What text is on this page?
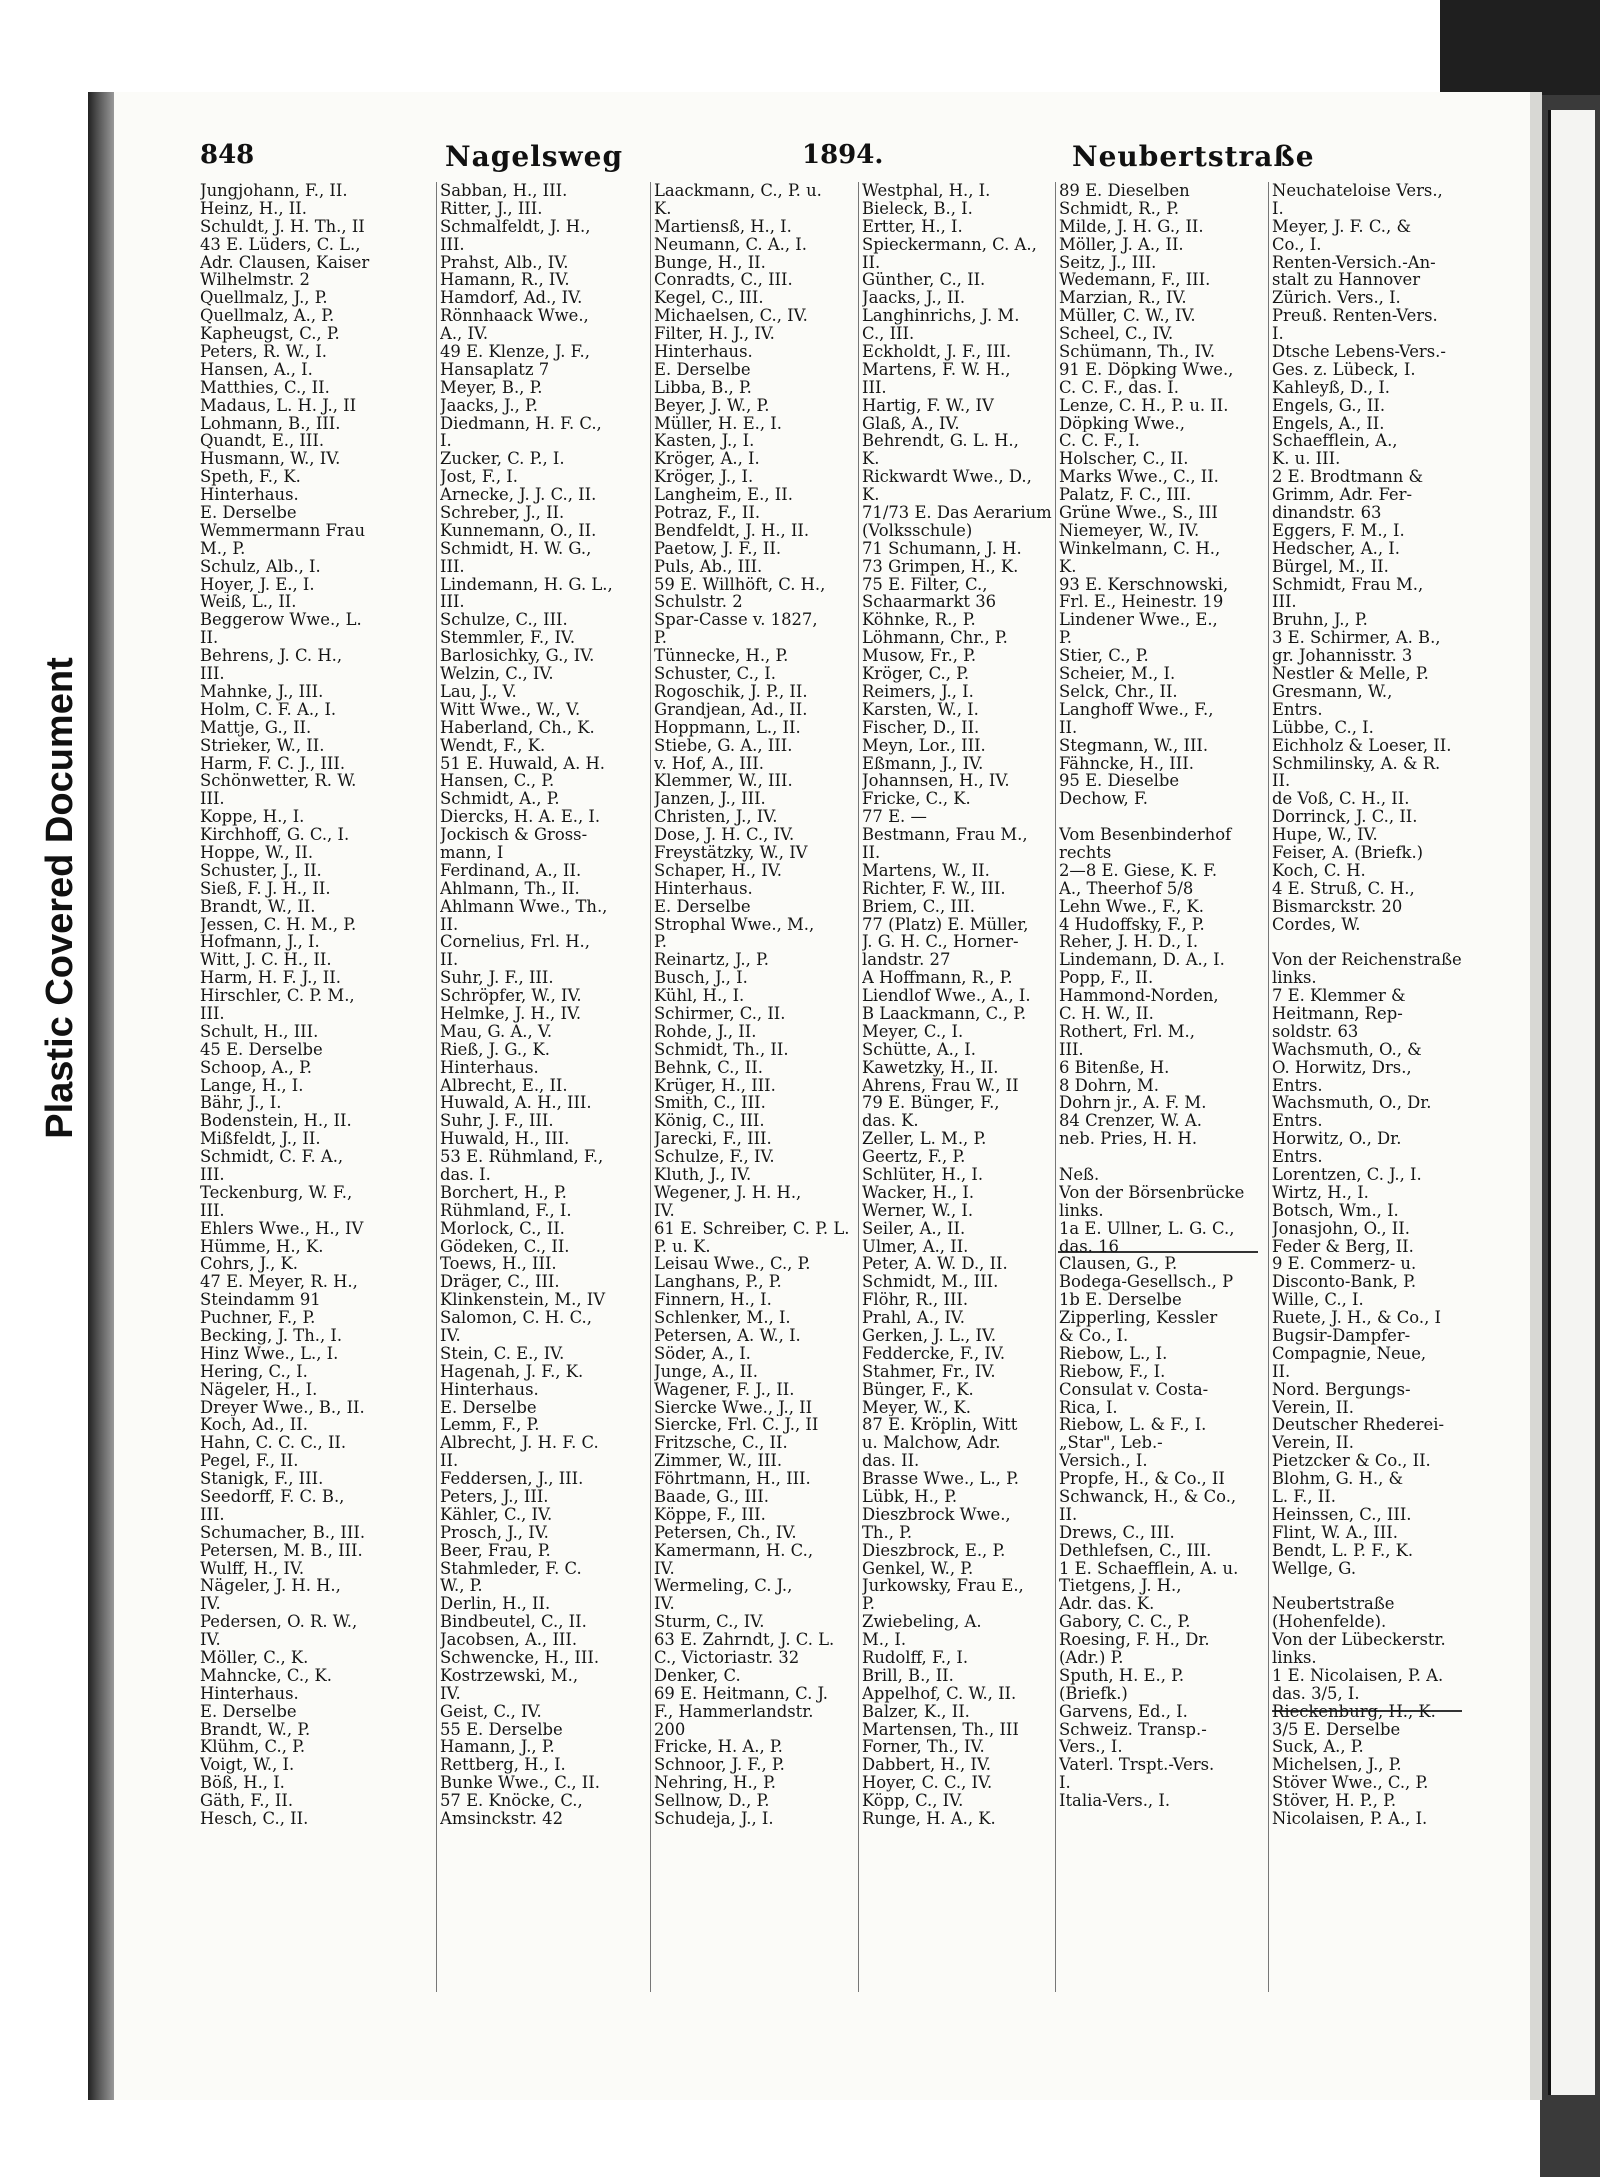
Plastic Covered Document
848	Nagelsweg	1894.	Neubertstraße
Jungjohann, F., II.
Heinz, H., II.
Schuldt, J. H. Th., II
43 E. Lüders, C. L.,
Adr. Clausen, Kaiser
Wilhelmstr. 2
Quellmalz, J., P.
Quellmalz, A., P.
Kapheugst, C., P.
Peters, R. W., I.
Hansen, A., I.
Matthies, C., II.
Madaus, L. H. J., II
Lohmann, B., III.
Quandt, E., III.
Husmann, W., IV.
Speth, F., K.
Hinterhaus.
E. Derselbe
Wemmermann Frau
M., P.
Schulz, Alb., I.
Hoyer, J. E., I.
Weiß, L., II.
Beggerow Wwe., L.
II.
Behrens, J. C. H.,
III.
Mahnke, J., III.
Holm, C. F. A., I.
Mattje, G., II.
Strieker, W., II.
Harm, F. C. J., III.
Schönwetter, R. W.
III.
Koppe, H., I.
Kirchhoff, G. C., I.
Hoppe, W., II.
Schuster, J., II.
Sieß, F. J. H., II.
Brandt, W., II.
Jessen, C. H. M., P.
Hofmann, J., I.
Witt, J. C. H., II.
Harm, H. F. J., II.
Hirschler, C. P. M.,
III.
Schult, H., III.
45 E. Derselbe
Schoop, A., P.
Lange, H., I.
Bähr, J., I.
Bodenstein, H., II.
Mißfeldt, J., II.
Schmidt, C. F. A.,
III.
Teckenburg, W. F.,
III.
Ehlers Wwe., H., IV
Hümme, H., K.
Cohrs, J., K.
47 E. Meyer, R. H.,
Steindamm 91
Puchner, F., P.
Becking, J. Th., I.
Hinz Wwe., L., I.
Hering, C., I.
Nägeler, H., I.
Dreyer Wwe., B., II.
Koch, Ad., II.
Hahn, C. C. C., II.
Pegel, F., II.
Stanigk, F., III.
Seedorff, F. C. B.,
III.
Schumacher, B., III.
Petersen, M. B., III.
Wulff, H., IV.
Nägeler, J. H. H.,
IV.
Pedersen, O. R. W.,
IV.
Möller, C., K.
Mahncke, C., K.
Hinterhaus.
E. Derselbe
Brandt, W., P.
Klühm, C., P.
Voigt, W., I.
Böß, H., I.
Gäth, F., II.
Hesch, C., II.
Sabban, H., III.
Ritter, J., III.
Schmalfeldt, J. H.,
III.
Prahst, Alb., IV.
Hamann, R., IV.
Hamdorf, Ad., IV.
Rönnhaack Wwe.,
A., IV.
49 E. Klenze, J. F.,
Hansaplatz 7
Meyer, B., P.
Jaacks, J., P.
Diedmann, H. F. C.,
I.
Zucker, C. P., I.
Jost, F., I.
Arnecke, J. J. C., II.
Schreber, J., II.
Kunnemann, O., II.
Schmidt, H. W. G.,
III.
Lindemann, H. G. L.,
III.
Schulze, C., III.
Stemmler, F., IV.
Barlosichky, G., IV.
Welzin, C., IV.
Lau, J., V.
Witt Wwe., W., V.
Haberland, Ch., K.
Wendt, F., K.
51 E. Huwald, A. H.
Hansen, C., P.
Schmidt, A., P.
Diercks, H. A. E., I.
Jockisch & Gross-
mann, I
Ferdinand, A., II.
Ahlmann, Th., II.
Ahlmann Wwe., Th.,
II.
Cornelius, Frl. H.,
II.
Suhr, J. F., III.
Schröpfer, W., IV.
Helmke, J. H., IV.
Mau, G. A., V.
Rieß, J. G., K.
Hinterhaus.
Albrecht, E., II.
Huwald, A. H., III.
Suhr, J. F., III.
Huwald, H., III.
53 E. Rühmland, F.,
das. I.
Borchert, H., P.
Rühmland, F., I.
Morlock, C., II.
Gödeken, C., II.
Toews, H., III.
Dräger, C., III.
Klinkenstein, M., IV
Salomon, C. H. C.,
IV.
Stein, C. E., IV.
Hagenah, J. F., K.
Hinterhaus.
E. Derselbe
Lemm, F., P.
Albrecht, J. H. F. C.
II.
Feddersen, J., III.
Peters, J., III.
Kähler, C., IV.
Prosch, J., IV.
Beer, Frau, P.
Stahmleder, F. C.
W., P.
Derlin, H., II.
Bindbeutel, C., II.
Jacobsen, A., III.
Schwencke, H., III.
Kostrzewski, M.,
IV.
Geist, C., IV.
55 E. Derselbe
Hamann, J., P.
Rettberg, H., I.
Bunke Wwe., C., II.
57 E. Knöcke, C.,
Amsinckstr. 42
Laackmann, C., P. u.
K.
Martiensß, H., I.
Neumann, C. A., I.
Bunge, H., II.
Conradts, C., III.
Kegel, C., III.
Michaelsen, C., IV.
Filter, H. J., IV.
Hinterhaus.
E. Derselbe
Libba, B., P.
Beyer, J. W., P.
Müller, H. E., I.
Kasten, J., I.
Kröger, A., I.
Kröger, J., I.
Langheim, E., II.
Potraz, F., II.
Bendfeldt, J. H., II.
Paetow, J. F., II.
Puls, Ab., III.
59 E. Willhöft, C. H.,
Schulstr. 2
Spar-Casse v. 1827,
P.
Tünnecke, H., P.
Schuster, C., I.
Rogoschik, J. P., II.
Grandjean, Ad., II.
Hoppmann, L., II.
Stiebe, G. A., III.
v. Hof, A., III.
Klemmer, W., III.
Janzen, J., III.
Christen, J., IV.
Dose, J. H. C., IV.
Freystätzky, W., IV
Schaper, H., IV.
Hinterhaus.
E. Derselbe
Strophal Wwe., M.,
P.
Reinartz, J., P.
Busch, J., I.
Kühl, H., I.
Schirmer, C., II.
Rohde, J., II.
Schmidt, Th., II.
Behnk, C., II.
Krüger, H., III.
Smith, C., III.
König, C., III.
Jarecki, F., III.
Schulze, F., IV.
Kluth, J., IV.
Wegener, J. H. H.,
IV.
61 E. Schreiber, C. P. L.
P. u. K.
Leisau Wwe., C., P.
Langhans, P., P.
Finnern, H., I.
Schlenker, M., I.
Petersen, A. W., I.
Söder, A., I.
Junge, A., II.
Wagener, F. J., II.
Siercke Wwe., J., II
Siercke, Frl. C. J., II
Fritzsche, C., II.
Zimmer, W., III.
Föhrtmann, H., III.
Baade, G., III.
Köppe, F., III.
Petersen, Ch., IV.
Kamermann, H. C.,
IV.
Wermeling, C. J.,
IV.
Sturm, C., IV.
63 E. Zahrndt, J. C. L.
C., Victoriastr. 32
Denker, C.
69 E. Heitmann, C. J.
F., Hammerlandstr.
200
Fricke, H. A., P.
Schnoor, J. F., P.
Nehring, H., P.
Sellnow, D., P.
Schudeja, J., I.
Westphal, H., I.
Bieleck, B., I.
Ertter, H., I.
Spieckermann, C. A.,
II.
Günther, C., II.
Jaacks, J., II.
Langhinrichs, J. M.
C., III.
Eckholdt, J. F., III.
Martens, F. W. H.,
III.
Hartig, F. W., IV
Glaß, A., IV.
Behrendt, G. L. H.,
K.
Rickwardt Wwe., D.,
K.
71/73 E. Das Aerarium
(Volksschule)
71 Schumann, J. H.
73 Grimpen, H., K.
75 E. Filter, C.,
Schaarmarkt 36
Köhnke, R., P.
Löhmann, Chr., P.
Musow, Fr., P.
Kröger, C., P.
Reimers, J., I.
Karsten, W., I.
Fischer, D., II.
Meyn, Lor., III.
Eßmann, J., IV.
Johannsen, H., IV.
Fricke, C., K.
77 E. —
Bestmann, Frau M.,
II.
Martens, W., II.
Richter, F. W., III.
Briem, C., III.
77 (Platz) E. Müller,
J. G. H. C., Horner-
landstr. 27
A Hoffmann, R., P.
Liendlof Wwe., A., I.
B Laackmann, C., P.
Meyer, C., I.
Schütte, A., I.
Kawetzky, H., II.
Ahrens, Frau W., II
79 E. Bünger, F.,
das. K.
Zeller, L. M., P.
Geertz, F., P.
Schlüter, H., I.
Wacker, H., I.
Werner, W., I.
Seiler, A., II.
Ulmer, A., II.
Peter, A. W. D., II.
Schmidt, M., III.
Flöhr, R., III.
Prahl, A., IV.
Gerken, J. L., IV.
Feddercke, F., IV.
Stahmer, Fr., IV.
Bünger, F., K.
Meyer, W., K.
87 E. Kröplin, Witt
u. Malchow, Adr.
das. II.
Brasse Wwe., L., P.
Lübk, H., P.
Dieszbrock Wwe.,
Th., P.
Dieszbrock, E., P.
Genkel, W., P.
Jurkowsky, Frau E.,
P.
Zwiebeling, A.
M., I.
Rudolff, F., I.
Brill, B., II.
Appelhof, C. W., II.
Balzer, K., II.
Martensen, Th., III
Forner, Th., IV.
Dabbert, H., IV.
Hoyer, C. C., IV.
Köpp, C., IV.
Runge, H. A., K.
89 E. Dieselben
Schmidt, R., P.
Milde, J. H. G., II.
Möller, J. A., II.
Seitz, J., III.
Wedemann, F., III.
Marzian, R., IV.
Müller, C. W., IV.
Scheel, C., IV.
Schümann, Th., IV.
91 E. Döpking Wwe.,
C. C. F., das. I.
Lenze, C. H., P. u. II.
Döpking Wwe.,
C. C. F., I.
Holscher, C., II.
Marks Wwe., C., II.
Palatz, F. C., III.
Grüne Wwe., S., III
Niemeyer, W., IV.
Winkelmann, C. H.,
K.
93 E. Kerschnowski,
Frl. E., Heinestr. 19
Lindener Wwe., E.,
P.
Stier, C., P.
Scheier, M., I.
Selck, Chr., II.
Langhoff Wwe., F.,
II.
Stegmann, W., III.
Fähncke, H., III.
95 E. Dieselbe
Dechow, F.
Vom Besenbinderhof
rechts
2—8 E. Giese, K. F.
A., Theerhof 5/8
Lehn Wwe., F., K.
4 Hudoffsky, F., P.
Reher, J. H. D., I.
Lindemann, D. A., I.
Popp, F., II.
Hammond-Norden,
C. H. W., II.
Rothert, Frl. M.,
III.
6 Bitenße, H.
8 Dohrn, M.
Dohrn jr., A. F. M.
84 Crenzer, W. A.
neb. Pries, H. H.
Neß.
Von der Börsenbrücke
links.
1a E. Ullner, L. G. C.,
das. 16
Clausen, G., P.
Bodega-Gesellsch., P
1b E. Derselbe
Zipperling, Kessler
& Co., I.
Riebow, L., I.
Riebow, F., I.
Consulat v. Costa-
Rica, I.
Riebow, L. & F., I.
„Star", Leb.-
Versich., I.
Propfe, H., & Co., II
Schwanck, H., & Co.,
II.
Drews, C., III.
Dethlefsen, C., III.
1 E. Schaefflein, A. u.
Tietgens, J. H.,
Adr. das. K.
Gabory, C. C., P.
Roesing, F. H., Dr.
(Adr.) P.
Sputh, H. E., P.
(Briefk.)
Garvens, Ed., I.
Schweiz. Transp.-
Vers., I.
Vaterl. Trspt.-Vers.
I.
Italia-Vers., I.
Neuchateloise Vers.,
I.
Meyer, J. F. C., &
Co., I.
Renten-Versich.-An-
stalt zu Hannover
Zürich. Vers., I.
Preuß. Renten-Vers.
I.
Dtsche Lebens-Vers.-
Ges. z. Lübeck, I.
Kahleyß, D., I.
Engels, G., II.
Engels, A., II.
Schaefflein, A.,
K. u. III.
2 E. Brodtmann &
Grimm, Adr. Fer-
dinandstr. 63
Eggers, F. M., I.
Hedscher, A., I.
Bürgel, M., II.
Schmidt, Frau M.,
III.
Bruhn, J., P.
3 E. Schirmer, A. B.,
gr. Johannisstr. 3
Nestler & Melle, P.
Gresmann, W.,
Entrs.
Lübbe, C., I.
Eichholz & Loeser, II.
Schmilinsky, A. & R.
II.
de Voß, C. H., II.
Dorrinck, J. C., II.
Hupe, W., IV.
Feiser, A. (Briefk.)
Koch, C. H.
4 E. Struß, C. H.,
Bismarckstr. 20
Cordes, W.
Von der Reichenstraße
links.
7 E. Klemmer &
Heitmann, Rep-
soldstr. 63
Wachsmuth, O., &
O. Horwitz, Drs.,
Entrs.
Wachsmuth, O., Dr.
Entrs.
Horwitz, O., Dr.
Entrs.
Lorentzen, C. J., I.
Wirtz, H., I.
Botsch, Wm., I.
Jonasjohn, O., II.
Feder & Berg, II.
9 E. Commerz- u.
Disconto-Bank, P.
Wille, C., I.
Ruete, J. H., & Co., I
Bugsir-Dampfer-
Compagnie, Neue,
II.
Nord. Bergungs-
Verein, II.
Deutscher Rhederei-
Verein, II.
Pietzcker & Co., II.
Blohm, G. H., &
L. F., II.
Heinssen, C., III.
Flint, W. A., III.
Bendt, L. P. F., K.
Wellge, G.
Neubertstraße
(Hohenfelde).
Von der Lübeckerstr.
links.
1 E. Nicolaisen, P. A.
das. 3/5, I.
Rieckenburg, H., K.
3/5 E. Derselbe
Suck, A., P.
Michelsen, J., P.
Stöver Wwe., C., P.
Stöver, H. P., P.
Nicolaisen, P. A., I.
